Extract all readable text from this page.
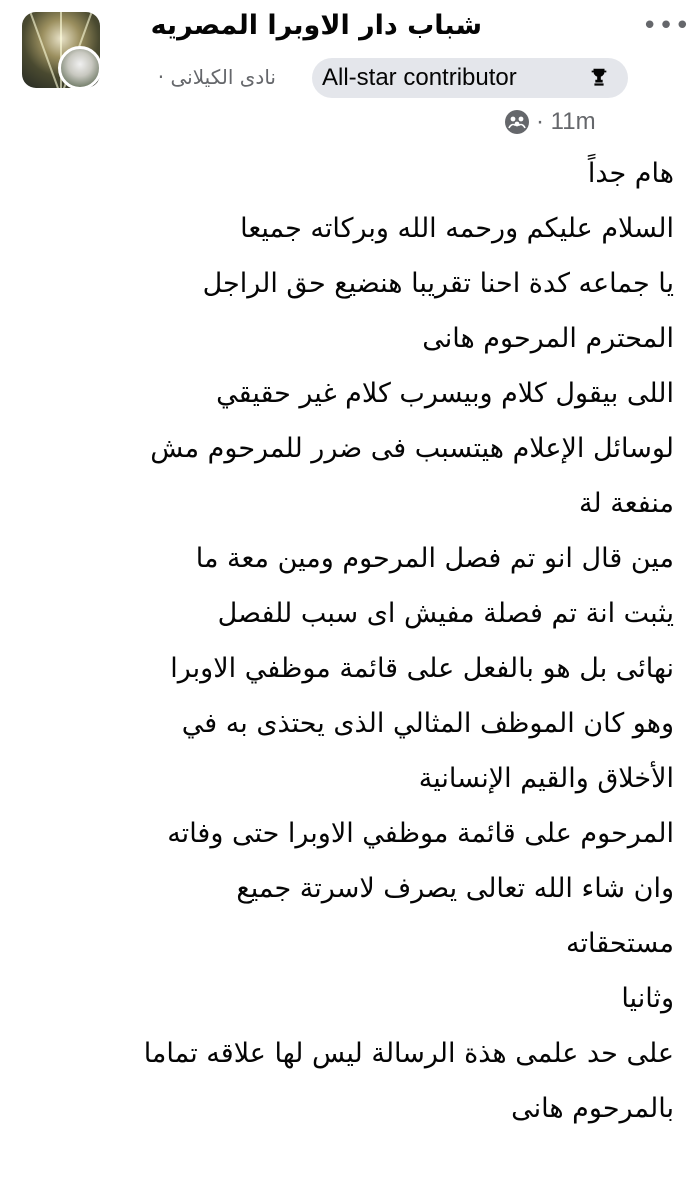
شباب دار الاوبرا المصريه	•••
All-star contributor
نادى الكيلانى ·
· 11m
هام جداً
السلام عليكم ورحمه الله وبركاته جميعا
يا جماعه كدة احنا تقريبا هنضيع حق الراجل
المحترم المرحوم هانى
اللى بيقول كلام وبيسرب كلام غير حقيقي
لوسائل الإعلام هيتسبب فى ضرر للمرحوم مش
منفعة لة
مين قال انو تم فصل المرحوم ومين معة ما
يثبت انة تم فصلة مفيش اى سبب للفصل
نهائى بل هو بالفعل على قائمة موظفي الاوبرا
وهو كان الموظف المثالي الذى يحتذى به في
الأخلاق والقيم الإنسانية
المرحوم على قائمة موظفي الاوبرا حتى وفاته
وان شاء الله تعالى يصرف لاسرتة جميع
مستحقاته
وثانيا
على حد علمى هذة الرسالة ليس لها علاقه تماما
بالمرحوم هانى
